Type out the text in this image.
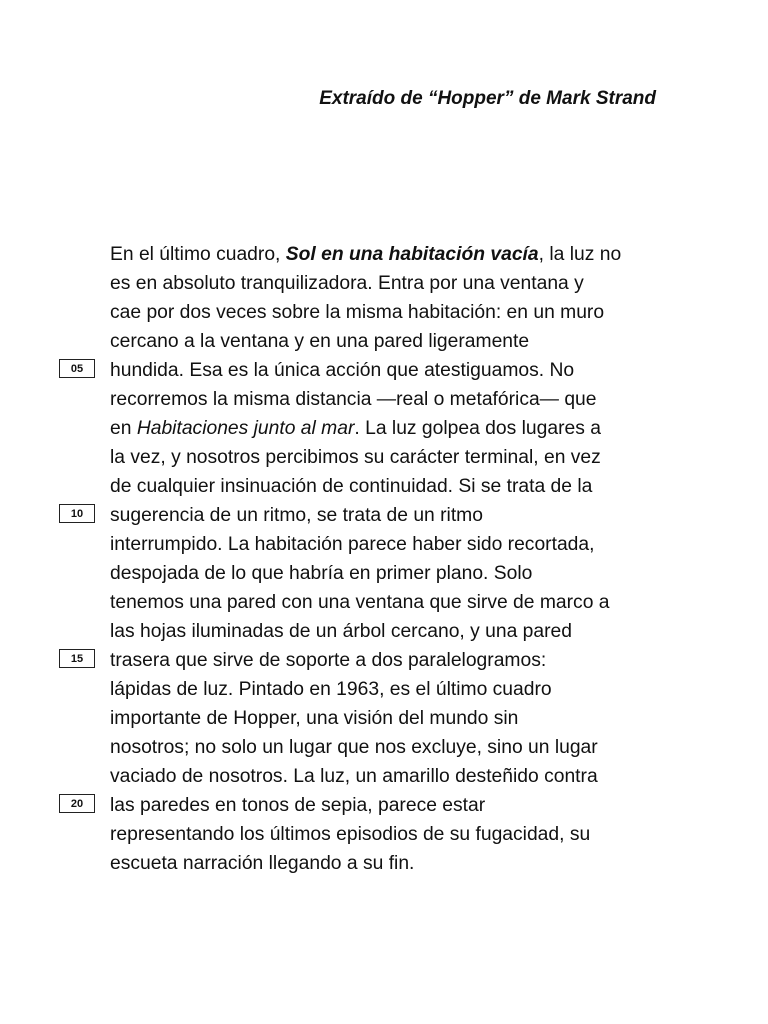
Extraído de “Hopper” de Mark Strand
05
10
15
20
En el último cuadro, Sol en una habitación vacía, la luz no
es en absoluto tranquilizadora. Entra por una ventana y
cae por dos veces sobre la misma habitación: en un muro
cercano a la ventana y en una pared ligeramente
hundida. Esa es la única acción que atestiguamos. No
recorremos la misma distancia —real o metafórica— que
en Habitaciones junto al mar. La luz golpea dos lugares a
la vez, y nosotros percibimos su carácter terminal, en vez
de cualquier insinuación de continuidad. Si se trata de la
sugerencia de un ritmo, se trata de un ritmo
interrumpido. La habitación parece haber sido recortada,
despojada de lo que habría en primer plano. Solo
tenemos una pared con una ventana que sirve de marco a
las hojas iluminadas de un árbol cercano, y una pared
trasera que sirve de soporte a dos paralelogramos:
lápidas de luz. Pintado en 1963, es el último cuadro
importante de Hopper, una visión del mundo sin
nosotros; no solo un lugar que nos excluye, sino un lugar
vaciado de nosotros. La luz, un amarillo desteñido contra
las paredes en tonos de sepia, parece estar
representando los últimos episodios de su fugacidad, su
escueta narración llegando a su fin.
